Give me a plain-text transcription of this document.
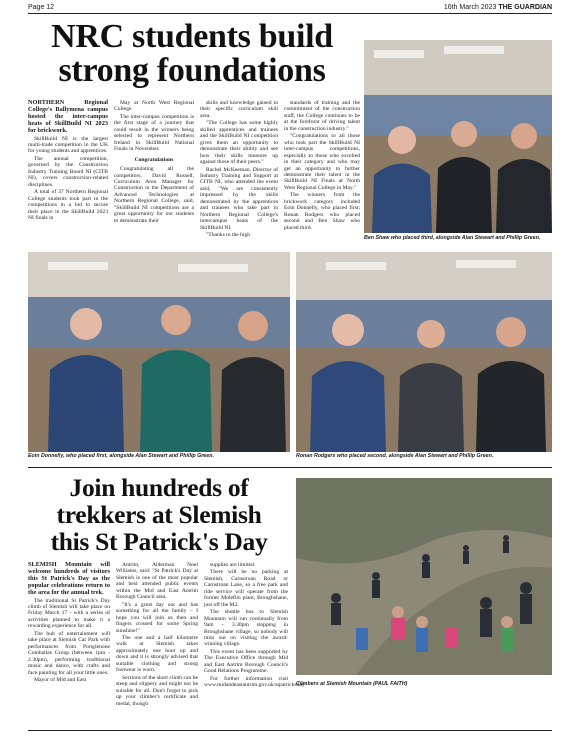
Page 12	16th March 2023 THE GUARDIAN
NRC students build
strong foundations

NORTHERN Regional College's Ballymena campus hosted the inter-campus heats of SkillBuild NI 2023 for brickwork.

SkillBuild NI is the largest multi-trade competition in the UK for young students and apprentices.

The annual competition, governed by the Construction Industry Training Board NI (CITB NI), covers construction-related disciplines.

A total of 37 Northern Regional College students took part in the competitions in a bid to secure their place in the SkillBuild 2023 NI finals in

May at North West Regional College.

The inter-campus competition is the first stage of a journey that could result in the winners being selected to represent Northern Ireland in SkillBuild National Finals in November.

Congratulations

Congratulating all the competitors, David Russell, Curriculum Area Manager for Construction in the Department of Advanced Technologies at Northern Regional College, said, "SkillBuild NI competitions are a great opportunity for our students to demonstrate their

skills and knowledge gained in their specific curriculum skill area.

"The College has some highly skilled apprentices and trainees and the SkillBuild NI competition gives them an opportunity to demonstrate their ability and see how their skills measure up against those of their peers."

Rachel McKeeman, Director of Industry Training and Support at CITB NI, who attended the event said, "We are consistently impressed by the skills demonstrated by the apprentices and trainees who take part in Northern Regional College's intercampus heats of the SkillBuild NI.

"Thanks to the high

standards of training and the commitment of the construction staff, the College continues to be at the forefront of driving talent in the construction industry."

"Congratulations to all those who took part the SkillBuild NI inter-campus competitions, especially to those who excelled in their category and who may get an opportunity to further demonstrate their talent in the SkillBuild NI Finals at North West Regional College in May."

The winners from the brickwork category included Eoin Donnelly, who placed first; Ronan Rodgers who placed second and Ben Shaw who placed third.

Ben Shaw who placed third, alongside Alan Stewart and Phillip Green.
Eoin Donnelly, who placed first, alongside Alan Stewart and Phillip Green.	Ronan Rodgers who placed second, alongside Alan Stewart and Phillip Green.
Join hundreds of
trekkers at Slemish
this St Patrick's Day

SLEMISH Mountain will welcome hundreds of visitors this St Patrick's Day as the popular celebrations return to the area for the annual trek.

The traditional St Patrick's Day climb of Slemish will take place on Friday March 17 - with a series of activities planned to make it a rewarding experience for all.

The hub of entertainment will take place at Slemish Car Park with performances from Portglenone Comhaltas Group (between 1pm - 2.30pm), performing traditional music and dance, with crafts and face painting for all your little ones.

Mayor of Mid and East

Antrim, Alderman Noel Williams, said: "St Patrick's Day at Slemish is one of the most popular and best attended public events within the Mid and East Antrim Borough Council area.

"It's a great day out and has something for all the family – I hope you will join us then and fingers crossed for some Spring sunshine!"

The one and a half kilometre walk at Slemish takes approximately one hour up and down and it is strongly advised that suitable clothing and strong footwear is worn.

Sections of the short climb can be steep and slippery and might not be suitable for all. Don't forget to pick up your climber's certificate and medal, though

supplies are limited.

There will be no parking at Slemish, Carnstroan Road or Carnstroan Lane, so a free park and ride service will operate from the former Moleflin plant, Broughshane, just off the M2.

The shuttle bus to Slemish Mountain will run continually from 9am – 3.30pm stopping in Broughshane village, so nobody will miss out on visiting the award-winning village.

This event has been supported by The Executive Office through Mid and East Antrim Borough Council's Good Relations Programme.

For further information visit www.midandeastantrim.gov.uk/stpatricksday

Climbers at Slemish Mountain (PAUL FAITH)
